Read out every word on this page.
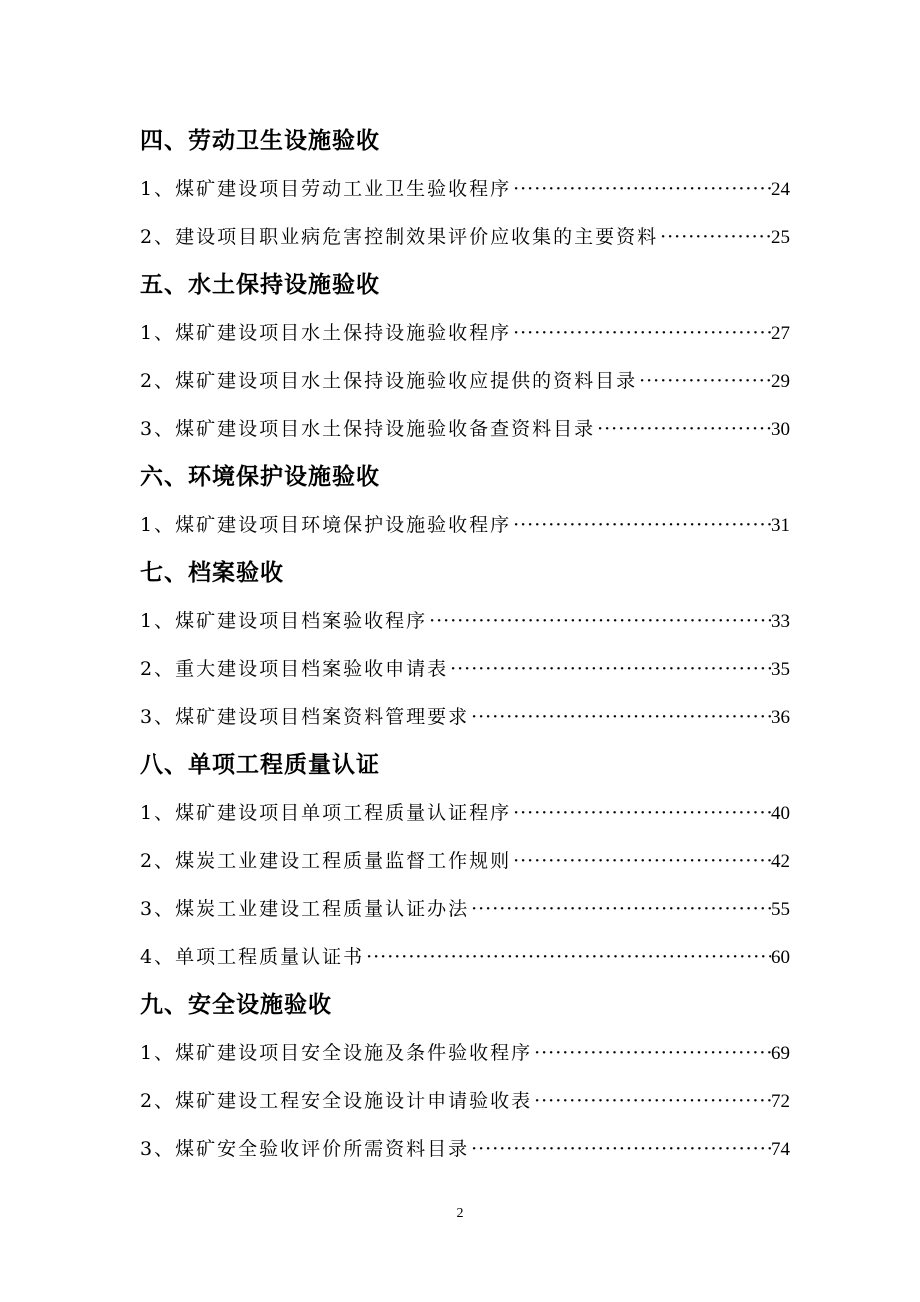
四、劳动卫生设施验收
1、煤矿建设项目劳动工业卫生验收程序 ·····	24
2、建设项目职业病危害控制效果评价应收集的主要资料 ·····	25
五、水土保持设施验收
1、煤矿建设项目水土保持设施验收程序 ·····	27
2、煤矿建设项目水土保持设施验收应提供的资料目录 ·····	29
3、煤矿建设项目水土保持设施验收备查资料目录 ·····	30
六、环境保护设施验收
1、煤矿建设项目环境保护设施验收程序 ·····	31
七、档案验收
1、煤矿建设项目档案验收程序 ·····	33
2、重大建设项目档案验收申请表 ·····	35
3、煤矿建设项目档案资料管理要求 ·····	36
八、单项工程质量认证
1、煤矿建设项目单项工程质量认证程序 ·····	40
2、煤炭工业建设工程质量监督工作规则 ·····	42
3、煤炭工业建设工程质量认证办法 ·····	55
4、单项工程质量认证书 ·····	60
九、安全设施验收
1、煤矿建设项目安全设施及条件验收程序 ·····	69
2、煤矿建设工程安全设施设计申请验收表 ·····	72
3、煤矿安全验收评价所需资料目录 ·····	74
2
